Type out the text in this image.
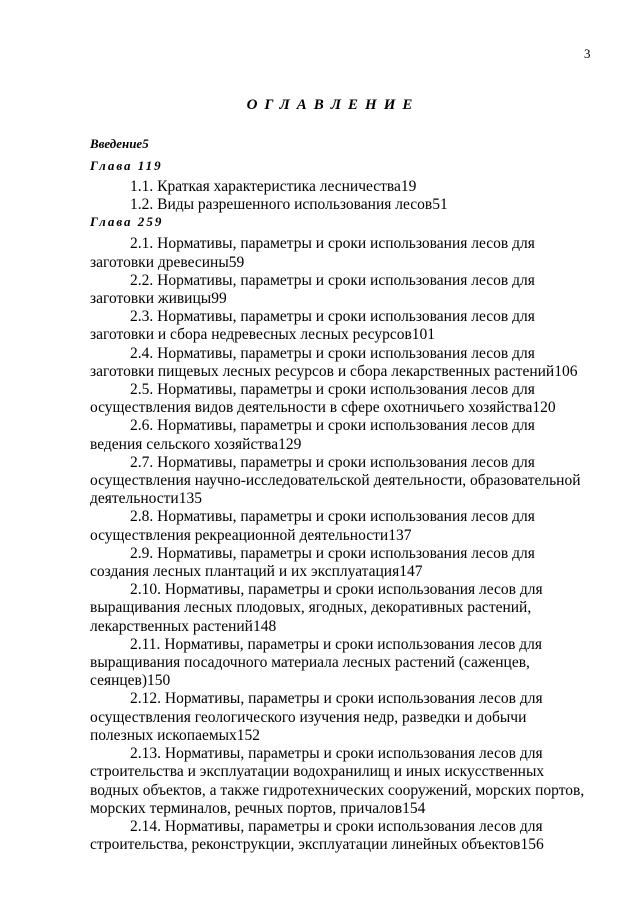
3
ОГЛАВЛЕНИЕ
Введение5
Глава 119
1.1. Краткая характеристика лесничества19
1.2. Виды разрешенного использования лесов51
Глава 259
2.1. Нормативы, параметры и сроки использования лесов для заготовки древесины59
2.2. Нормативы, параметры и сроки использования лесов для заготовки живицы99
2.3. Нормативы, параметры и сроки использования лесов для заготовки и сбора недревесных лесных ресурсов101
2.4. Нормативы, параметры и сроки использования лесов для заготовки пищевых лесных ресурсов и сбора лекарственных растений106
2.5. Нормативы, параметры и сроки использования лесов для осуществления видов деятельности в сфере охотничьего хозяйства120
2.6. Нормативы, параметры и сроки использования лесов для ведения сельского хозяйства129
2.7. Нормативы, параметры и сроки использования лесов для осуществления научно-исследовательской деятельности, образовательной деятельности135
2.8. Нормативы, параметры и сроки использования лесов для осуществления рекреационной деятельности137
2.9. Нормативы, параметры и сроки использования лесов для создания лесных плантаций и их эксплуатация147
2.10. Нормативы, параметры и сроки использования лесов для выращивания лесных плодовых, ягодных, декоративных растений, лекарственных растений148
2.11. Нормативы, параметры и сроки использования лесов для выращивания посадочного материала лесных растений (саженцев, сеянцев)150
2.12. Нормативы, параметры и сроки использования лесов для осуществления геологического изучения недр, разведки и добычи полезных ископаемых152
2.13. Нормативы, параметры и сроки использования лесов для строительства и эксплуатации водохранилищ и иных искусственных водных объектов, а также гидротехнических сооружений, морских портов, морских терминалов, речных портов, причалов154
2.14. Нормативы, параметры и сроки использования лесов для строительства, реконструкции, эксплуатации линейных объектов156
